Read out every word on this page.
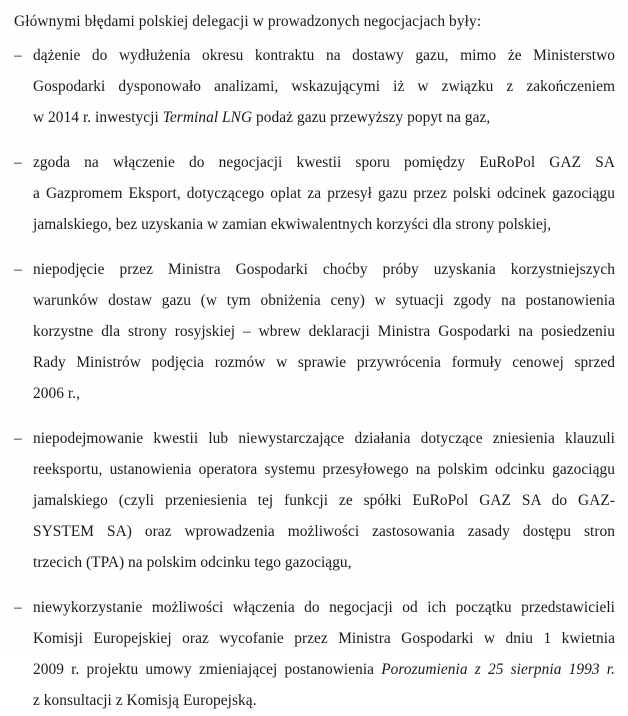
Głównymi błędami polskiej delegacji w prowadzonych negocjacjach były:

– dążenie do wydłużenia okresu kontraktu na dostawy gazu, mimo że Ministerstwo
Gospodarki dysponowało analizami, wskazującymi iż w związku z zakończeniem
w 2014 r. inwestycji Terminal LNG podaż gazu przewyższy popyt na gaz,
– zgoda na włączenie do negocjacji kwestii sporu pomiędzy EuRoPol GAZ SA
a Gazpromem Eksport, dotyczącego oplat za przesył gazu przez polski odcinek gazociągu
jamalskiego, bez uzyskania w zamian ekwiwalentnych korzyści dla strony polskiej,
– niepodjęcie przez Ministra Gospodarki choćby próby uzyskania korzystniejszych
warunków dostaw gazu (w tym obniżenia ceny) w sytuacji zgody na postanowienia
korzystne dla strony rosyjskiej – wbrew deklaracji Ministra Gospodarki na posiedzeniu
Rady Ministrów podjęcia rozmów w sprawie przywrócenia formuły cenowej sprzed
2006 r.,
– niepodejmowanie kwestii lub niewystarczające działania dotyczące zniesienia klauzuli
reeksportu, ustanowienia operatora systemu przesyłowego na polskim odcinku gazociągu
jamalskiego (czyli przeniesienia tej funkcji ze spółki EuRoPol GAZ SA do GAZ-
SYSTEM SA) oraz wprowadzenia możliwości zastosowania zasady dostępu stron
trzecich (TPA) na polskim odcinku tego gazociągu,
– niewykorzystanie możliwości włączenia do negocjacji od ich początku przedstawicieli
Komisji Europejskiej oraz wycofanie przez Ministra Gospodarki w dniu 1 kwietnia
2009 r. projektu umowy zmieniającej postanowienia Porozumienia z 25 sierpnia 1993 r.
z konsultacji z Komisją Europejską.
